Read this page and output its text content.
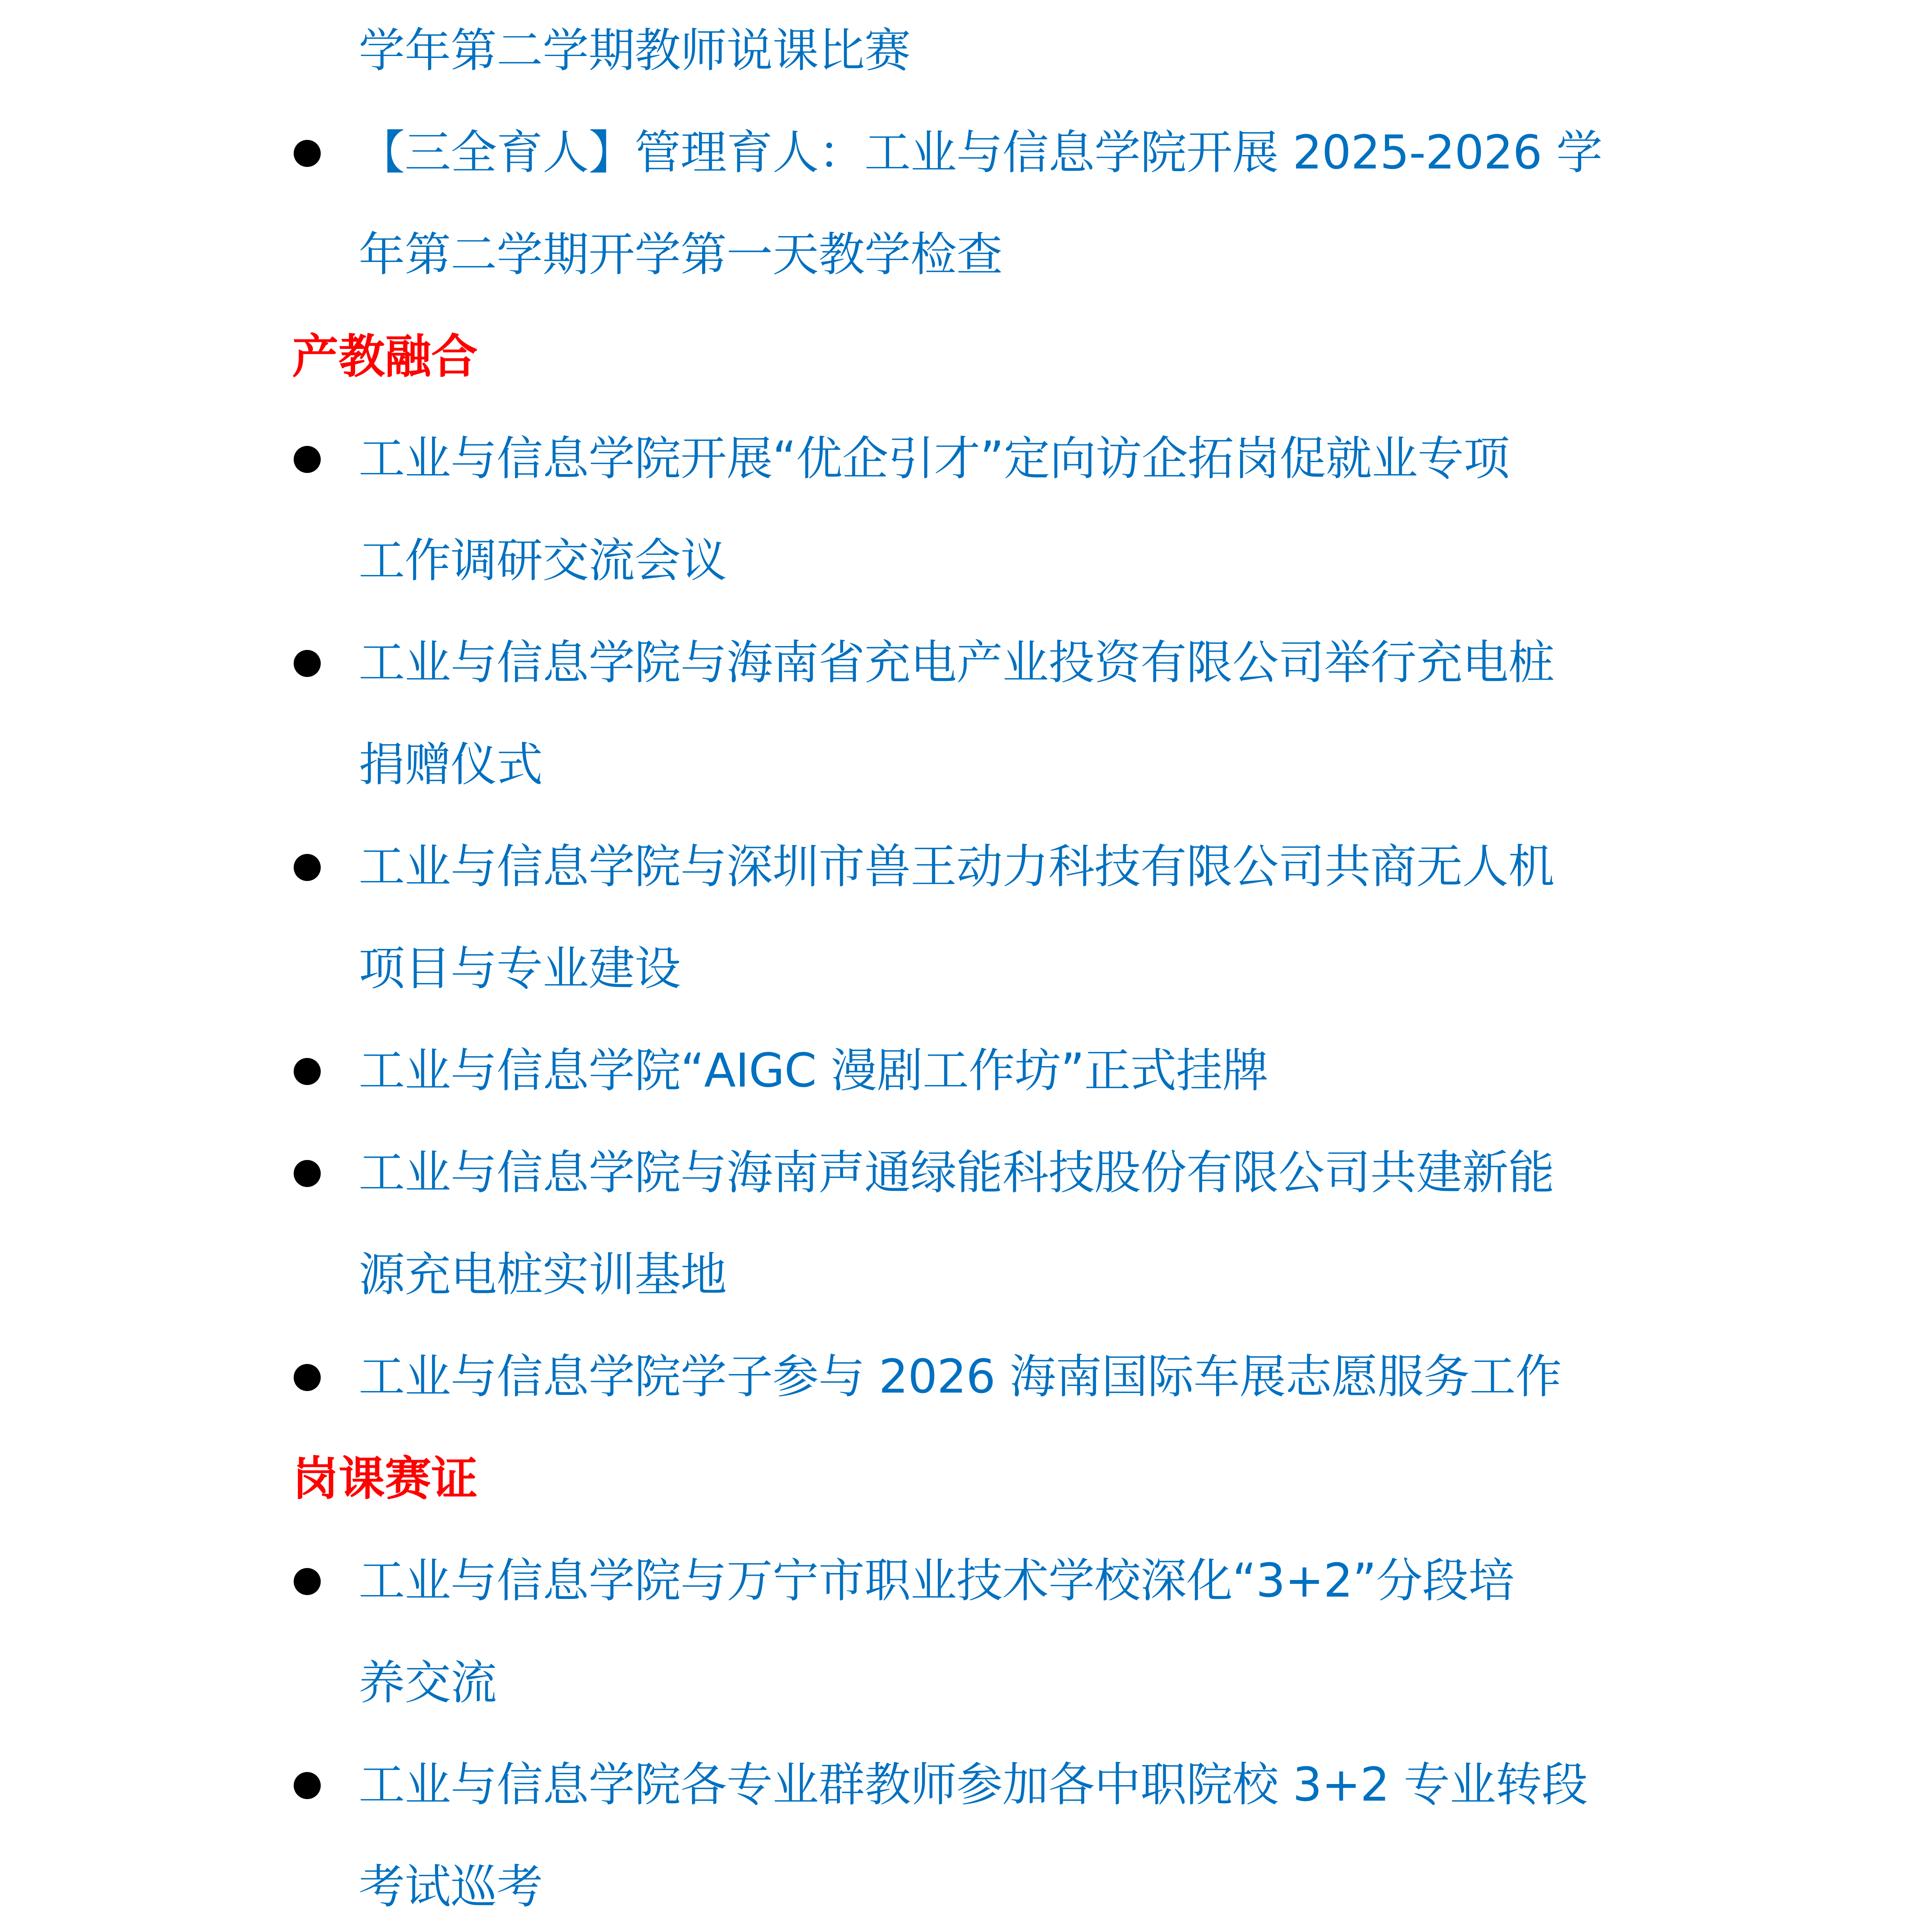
学年第二学期教师说课比赛
【三全育人】管理育人：工业与信息学院开展 2025-2026 学
年第二学期开学第一天教学检查
产教融合
工业与信息学院开展“优企引才”定向访企拓岗促就业专项
工作调研交流会议
工业与信息学院与海南省充电产业投资有限公司举行充电桩
捐赠仪式
工业与信息学院与深圳市兽王动力科技有限公司共商无人机
项目与专业建设
工业与信息学院“AIGC 漫剧工作坊”正式挂牌
工业与信息学院与海南声通绿能科技股份有限公司共建新能
源充电桩实训基地
工业与信息学院学子参与 2026 海南国际车展志愿服务工作
岗课赛证
工业与信息学院与万宁市职业技术学校深化“3+2”分段培
养交流
工业与信息学院各专业群教师参加各中职院校 3+2 专业转段
考试巡考
